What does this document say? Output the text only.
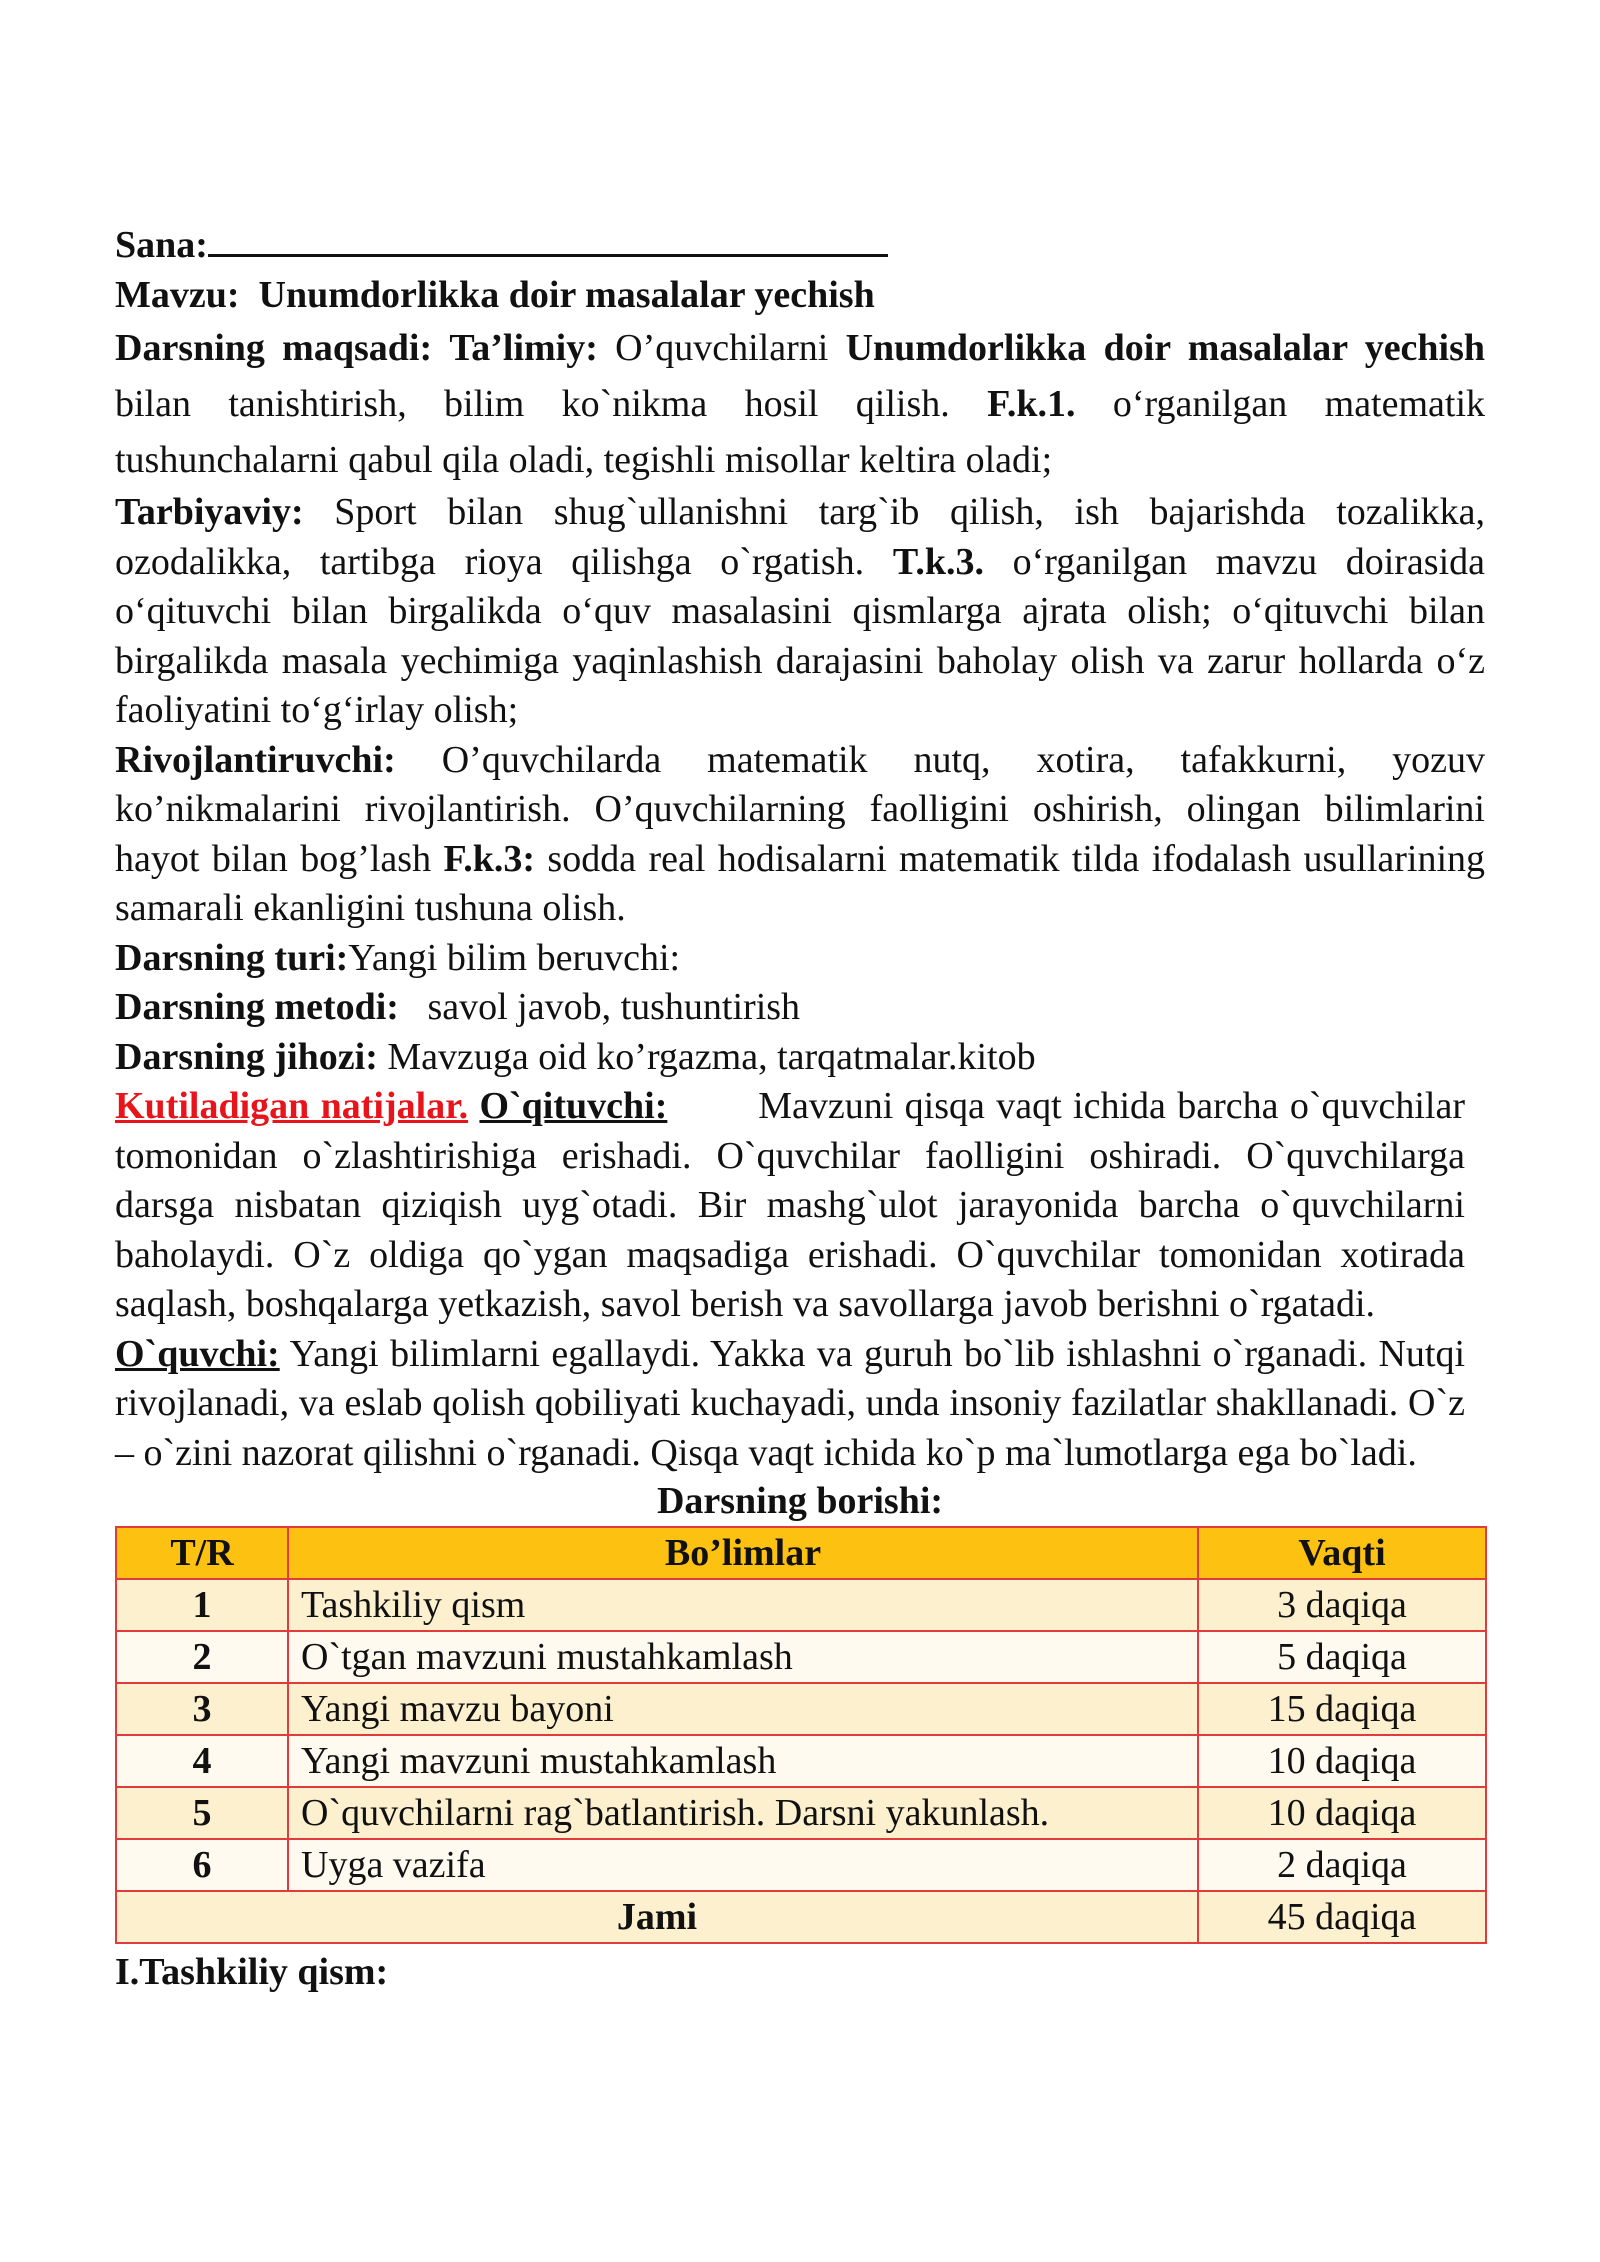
Sana:

Mavzu: Unumdorlikka doir masalalar yechish

Darsning maqsadi: Ta’limiy: O’quvchilarni Unumdorlikka doir masalalar yechish bilan tanishtirish, bilim ko`nikma hosil qilish. F.k.1. o‘rganilgan matematik tushunchalarni qabul qila oladi, tegishli misollar keltira oladi;

Tarbiyaviy: Sport bilan shug`ullanishni targ`ib qilish, ish bajarishda tozalikka, ozodalikka, tartibga rioya qilishga o`rgatish. T.k.3. o‘rganilgan mavzu doirasida o‘qituvchi bilan birgalikda o‘quv masalasini qismlarga ajrata olish; o‘qituvchi bilan birgalikda masala yechimiga yaqinlashish darajasini baholay olish va zarur hollarda o‘z faoliyatini to‘g‘irlay olish;

Rivojlantiruvchi: O’quvchilarda matematik nutq, xotira, tafakkurni, yozuv ko’nikmalarini rivojlantirish. O’quvchilarning faolligini oshirish, olingan bilimlarini hayot bilan bog’lash F.k.3: sodda real hodisalarni matematik tilda ifodalash usullarining samarali ekanligini tushuna olish.

Darsning turi:Yangi bilim beruvchi:

Darsning metodi: savol javob, tushuntirish

Darsning jihozi: Mavzuga oid ko’rgazma, tarqatmalar.kitob

Kutiladigan natijalar. O`qituvchi: Mavzuni qisqa vaqt ichida barcha o`quvchilar tomonidan o`zlashtirishiga erishadi. O`quvchilar faolligini oshiradi. O`quvchilarga darsga nisbatan qiziqish uyg`otadi. Bir mashg`ulot jarayonida barcha o`quvchilarni baholaydi. O`z oldiga qo`ygan maqsadiga erishadi. O`quvchilar tomonidan xotirada saqlash, boshqalarga yetkazish, savol berish va savollarga javob berishni o`rgatadi.

O`quvchi: Yangi bilimlarni egallaydi. Yakka va guruh bo`lib ishlashni o`rganadi. Nutqi rivojlanadi, va eslab qolish qobiliyati kuchayadi, unda insoniy fazilatlar shakllanadi. O`z – o`zini nazorat qilishni o`rganadi. Qisqa vaqt ichida ko`p ma`lumotlarga ega bo`ladi.

Darsning borishi:

T/R	Bo’limlar	Vaqti
1	Tashkiliy qism	3 daqiqa
2	O`tgan mavzuni mustahkamlash	5 daqiqa
3	Yangi mavzu bayoni	15 daqiqa
4	Yangi mavzuni mustahkamlash	10 daqiqa
5	O`quvchilarni rag`batlantirish. Darsni yakunlash.	10 daqiqa
6	Uyga vazifa	2 daqiqa
Jami		45 daqiqa

I.Tashkiliy qism:
